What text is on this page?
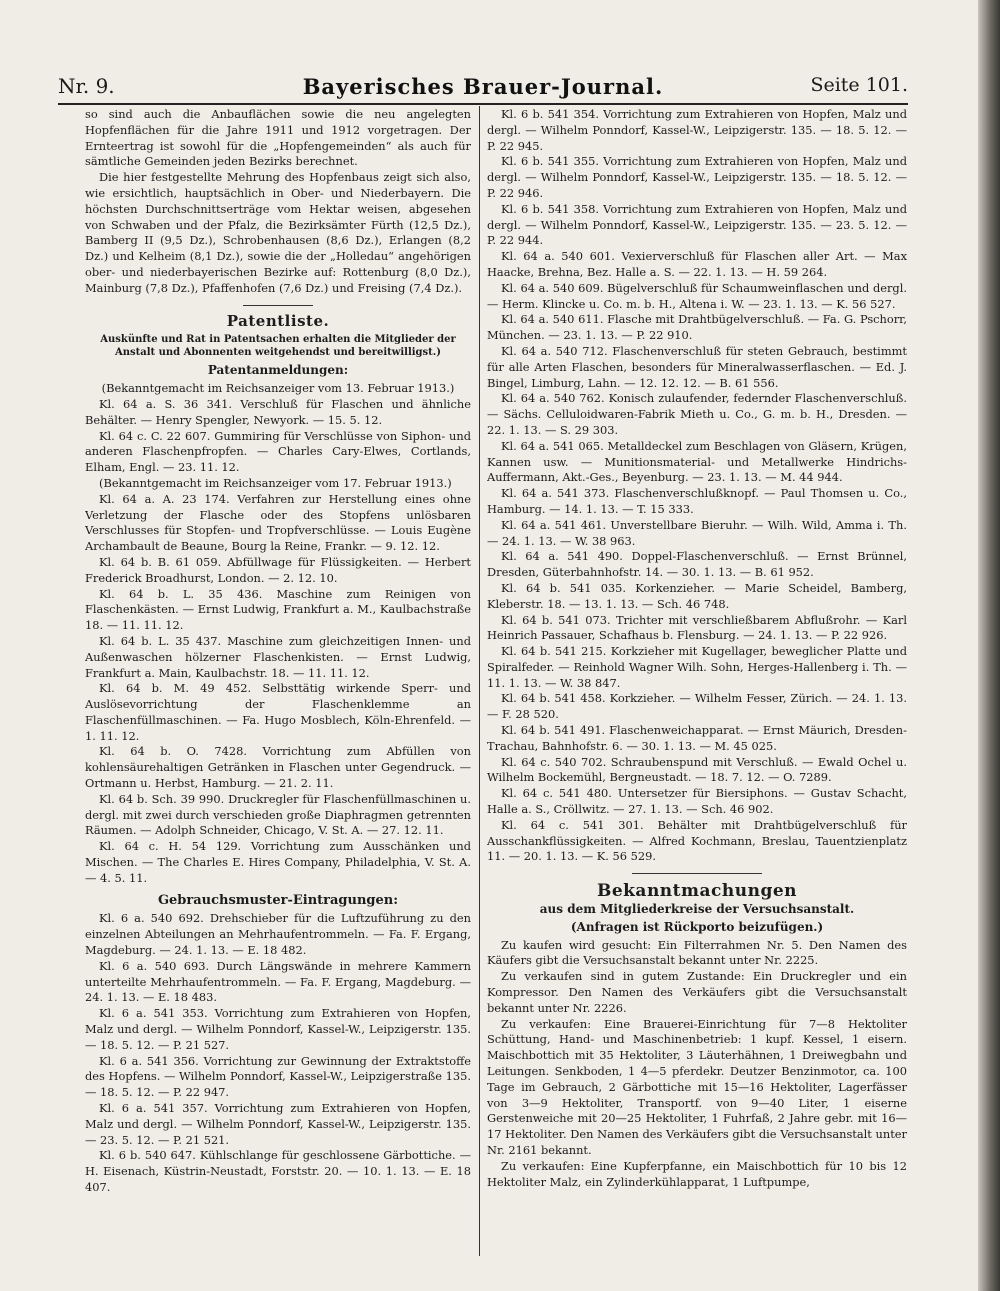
Nr. 9.	Bayerisches Brauer-Journal.	Seite 101.

so sind auch die Anbauflächen sowie die neu angelegten Hopfenflächen für die Jahre 1911 und 1912 vorgetragen. Der Ernteertrag ist sowohl für die „Hopfengemeinden“ als auch für sämtliche Gemeinden jeden Bezirks berechnet.

Die hier festgestellte Mehrung des Hopfenbaus zeigt sich also, wie ersichtlich, hauptsächlich in Ober- und Niederbayern. Die höchsten Durchschnittserträge vom Hektar weisen, abgesehen von Schwaben und der Pfalz, die Bezirksämter Fürth (12,5 Dz.), Bamberg II (9,5 Dz.), Schrobenhausen (8,6 Dz.), Erlangen (8,2 Dz.) und Kelheim (8,1 Dz.), sowie die der „Holledau“ angehörigen ober- und niederbayerischen Bezirke auf: Rottenburg (8,0 Dz.), Mainburg (7,8 Dz.), Pfaffenhofen (7,6 Dz.) und Freising (7,4 Dz.).

Patentliste.
Auskünfte und Rat in Patentsachen erhalten die Mitglieder der Anstalt und Abonnenten weitgehendst und bereitwilligst.)
Patentanmeldungen:

(Bekanntgemacht im Reichsanzeiger vom 13. Februar 1913.)

Kl. 64 a. S. 36 341. Verschluß für Flaschen und ähnliche Behälter. — Henry Spengler, Newyork. — 15. 5. 12.

Kl. 64 c. C. 22 607. Gummiring für Verschlüsse von Siphon- und anderen Flaschenpfropfen. — Charles Cary-Elwes, Cortlands, Elham, Engl. — 23. 11. 12.

(Bekanntgemacht im Reichsanzeiger vom 17. Februar 1913.)

Kl. 64 a. A. 23 174. Verfahren zur Herstellung eines ohne Verletzung der Flasche oder des Stopfens unlösbaren Verschlusses für Stopfen- und Tropfverschlüsse. — Louis Eugène Archambault de Beaune, Bourg la Reine, Frankr. — 9. 12. 12.

Kl. 64 b. B. 61 059. Abfüllwage für Flüssigkeiten. — Herbert Frederick Broadhurst, London. — 2. 12. 10.

Kl. 64 b. L. 35 436. Maschine zum Reinigen von Flaschenkästen. — Ernst Ludwig, Frankfurt a. M., Kaulbachstraße 18. — 11. 11. 12.

Kl. 64 b. L. 35 437. Maschine zum gleichzeitigen Innen- und Außenwaschen hölzerner Flaschenkisten. — Ernst Ludwig, Frankfurt a. Main, Kaulbachstr. 18. — 11. 11. 12.

Kl. 64 b. M. 49 452. Selbsttätig wirkende Sperr- und Auslösevorrichtung der Flaschenklemme an Flaschenfüllmaschinen. — Fa. Hugo Mosblech, Köln-Ehrenfeld. — 1. 11. 12.

Kl. 64 b. O. 7428. Vorrichtung zum Abfüllen von kohlensäurehaltigen Getränken in Flaschen unter Gegendruck. — Ortmann u. Herbst, Hamburg. — 21. 2. 11.

Kl. 64 b. Sch. 39 990. Druckregler für Flaschenfüllmaschinen u. dergl. mit zwei durch verschieden große Diaphragmen getrennten Räumen. — Adolph Schneider, Chicago, V. St. A. — 27. 12. 11.

Kl. 64 c. H. 54 129. Vorrichtung zum Ausschänken und Mischen. — The Charles E. Hires Company, Philadelphia, V. St. A. — 4. 5. 11.

Gebrauchsmuster-Eintragungen:

Kl. 6 a. 540 692. Drehschieber für die Luftzuführung zu den einzelnen Abteilungen an Mehrhaufentrommeln. — Fa. F. Ergang, Magdeburg. — 24. 1. 13. — E. 18 482.

Kl. 6 a. 540 693. Durch Längswände in mehrere Kammern unterteilte Mehrhaufentrommeln. — Fa. F. Ergang, Magdeburg. — 24. 1. 13. — E. 18 483.

Kl. 6 a. 541 353. Vorrichtung zum Extrahieren von Hopfen, Malz und dergl. — Wilhelm Ponndorf, Kassel-W., Leipzigerstr. 135. — 18. 5. 12. — P. 21 527.

Kl. 6 a. 541 356. Vorrichtung zur Gewinnung der Extraktstoffe des Hopfens. — Wilhelm Ponndorf, Kassel-W., Leipzigerstraße 135. — 18. 5. 12. — P. 22 947.

Kl. 6 a. 541 357. Vorrichtung zum Extrahieren von Hopfen, Malz und dergl. — Wilhelm Ponndorf, Kassel-W., Leipzigerstr. 135. — 23. 5. 12. — P. 21 521.

Kl. 6 b. 540 647. Kühlschlange für geschlossene Gärbottiche. — H. Eisenach, Küstrin-Neustadt, Forststr. 20. — 10. 1. 13. — E. 18 407.

Kl. 6 b. 541 354. Vorrichtung zum Extrahieren von Hopfen, Malz und dergl. — Wilhelm Ponndorf, Kassel-W., Leipzigerstr. 135. — 18. 5. 12. — P. 22 945.

Kl. 6 b. 541 355. Vorrichtung zum Extrahieren von Hopfen, Malz und dergl. — Wilhelm Ponndorf, Kassel-W., Leipzigerstr. 135. — 18. 5. 12. — P. 22 946.

Kl. 6 b. 541 358. Vorrichtung zum Extrahieren von Hopfen, Malz und dergl. — Wilhelm Ponndorf, Kassel-W., Leipzigerstr. 135. — 23. 5. 12. — P. 22 944.

Kl. 64 a. 540 601. Vexierverschluß für Flaschen aller Art. — Max Haacke, Brehna, Bez. Halle a. S. — 22. 1. 13. — H. 59 264.

Kl. 64 a. 540 609. Bügelverschluß für Schaumweinflaschen und dergl. — Herm. Klincke u. Co. m. b. H., Altena i. W. — 23. 1. 13. — K. 56 527.

Kl. 64 a. 540 611. Flasche mit Drahtbügelverschluß. — Fa. G. Pschorr, München. — 23. 1. 13. — P. 22 910.

Kl. 64 a. 540 712. Flaschenverschluß für steten Gebrauch, bestimmt für alle Arten Flaschen, besonders für Mineralwasserflaschen. — Ed. J. Bingel, Limburg, Lahn. — 12. 12. 12. — B. 61 556.

Kl. 64 a. 540 762. Konisch zulaufender, federnder Flaschenverschluß. — Sächs. Celluloidwaren-Fabrik Mieth u. Co., G. m. b. H., Dresden. — 22. 1. 13. — S. 29 303.

Kl. 64 a. 541 065. Metalldeckel zum Beschlagen von Gläsern, Krügen, Kannen usw. — Munitionsmaterial- und Metallwerke Hindrichs-Auffermann, Akt.-Ges., Beyenburg. — 23. 1. 13. — M. 44 944.

Kl. 64 a. 541 373. Flaschenverschlußknopf. — Paul Thomsen u. Co., Hamburg. — 14. 1. 13. — T. 15 333.

Kl. 64 a. 541 461. Unverstellbare Bieruhr. — Wilh. Wild, Amma i. Th. — 24. 1. 13. — W. 38 963.

Kl. 64 a. 541 490. Doppel-Flaschenverschluß. — Ernst Brünnel, Dresden, Güterbahnhofstr. 14. — 30. 1. 13. — B. 61 952.

Kl. 64 b. 541 035. Korkenzieher. — Marie Scheidel, Bamberg, Kleberstr. 18. — 13. 1. 13. — Sch. 46 748.

Kl. 64 b. 541 073. Trichter mit verschließbarem Abflußrohr. — Karl Heinrich Passauer, Schafhaus b. Flensburg. — 24. 1. 13. — P. 22 926.

Kl. 64 b. 541 215. Korkzieher mit Kugellager, beweglicher Platte und Spiralfeder. — Reinhold Wagner Wilh. Sohn, Herges-Hallenberg i. Th. — 11. 1. 13. — W. 38 847.

Kl. 64 b. 541 458. Korkzieher. — Wilhelm Fesser, Zürich. — 24. 1. 13. — F. 28 520.

Kl. 64 b. 541 491. Flaschenweichapparat. — Ernst Mäurich, Dresden-Trachau, Bahnhofstr. 6. — 30. 1. 13. — M. 45 025.

Kl. 64 c. 540 702. Schraubenspund mit Verschluß. — Ewald Ochel u. Wilhelm Bockemühl, Bergneustadt. — 18. 7. 12. — O. 7289.

Kl. 64 c. 541 480. Untersetzer für Biersiphons. — Gustav Schacht, Halle a. S., Cröllwitz. — 27. 1. 13. — Sch. 46 902.

Kl. 64 c. 541 301. Behälter mit Drahtbügelverschluß für Ausschankflüssigkeiten. — Alfred Kochmann, Breslau, Tauentzienplatz 11. — 20. 1. 13. — K. 56 529.

Bekanntmachungen
aus dem Mitgliederkreise der Versuchsanstalt.
(Anfragen ist Rückporto beizufügen.)

Zu kaufen wird gesucht: Ein Filterrahmen Nr. 5. Den Namen des Käufers gibt die Versuchsanstalt bekannt unter Nr. 2225.

Zu verkaufen sind in gutem Zustande: Ein Druckregler und ein Kompressor. Den Namen des Verkäufers gibt die Versuchsanstalt bekannt unter Nr. 2226.

Zu verkaufen: Eine Brauerei-Einrichtung für 7—8 Hektoliter Schüttung, Hand- und Maschinenbetrieb: 1 kupf. Kessel, 1 eisern. Maischbottich mit 35 Hektoliter, 3 Läuterhähnen, 1 Dreiwegbahn und Leitungen. Senkboden, 1 4—5 pferdekr. Deutzer Benzinmotor, ca. 100 Tage im Gebrauch, 2 Gärbottiche mit 15—16 Hektoliter, Lagerfässer von 3—9 Hektoliter, Transportf. von 9—40 Liter, 1 eiserne Gerstenweiche mit 20—25 Hektoliter, 1 Fuhrfaß, 2 Jahre gebr. mit 16—17 Hektoliter. Den Namen des Verkäufers gibt die Versuchsanstalt unter Nr. 2161 bekannt.

Zu verkaufen: Eine Kupferpfanne, ein Maischbottich für 10 bis 12 Hektoliter Malz, ein Zylinderkühlapparat, 1 Luftpumpe,
